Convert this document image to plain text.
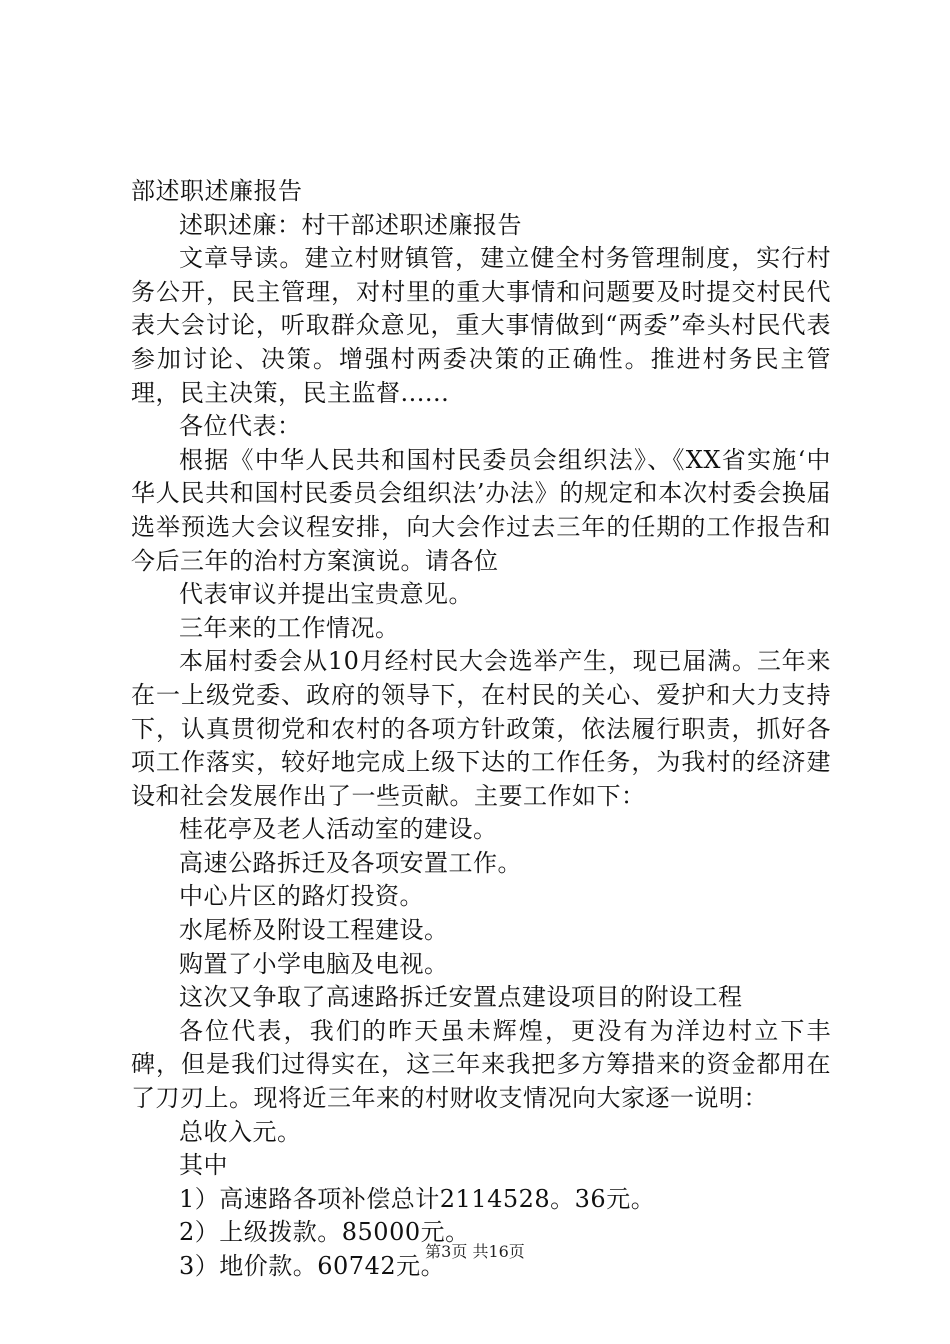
部述职述廉报告

述职述廉：村干部述职述廉报告

文章导读。建立村财镇管，建立健全村务管理制度，实行村务公开，民主管理，对村里的重大事情和问题要及时提交村民代表大会讨论，听取群众意见，重大事情做到“两委”牵头村民代表参加讨论、决策。增强村两委决策的正确性。推进村务民主管理，民主决策，民主监督......

各位代表：

根据《中华人民共和国村民委员会组织法》、《XX省实施‘中华人民共和国村民委员会组织法’办法》的规定和本次村委会换届选举预选大会议程安排，向大会作过去三年的任期的工作报告和今后三年的治村方案演说。请各位

代表审议并提出宝贵意见。

三年来的工作情况。

本届村委会从10月经村民大会选举产生，现已届满。三年来在一上级党委、政府的领导下，在村民的关心、爱护和大力支持下，认真贯彻党和农村的各项方针政策，依法履行职责，抓好各项工作落实，较好地完成上级下达的工作任务，为我村的经济建设和社会发展作出了一些贡献。主要工作如下：

桂花亭及老人活动室的建设。

高速公路拆迁及各项安置工作。

中心片区的路灯投资。

水尾桥及附设工程建设。

购置了小学电脑及电视。

这次又争取了高速路拆迁安置点建设项目的附设工程

各位代表，我们的昨天虽未辉煌，更没有为洋边村立下丰碑，但是我们过得实在，这三年来我把多方筹措来的资金都用在了刀刃上。现将近三年来的村财收支情况向大家逐一说明：

总收入元。

其中

1）高速路各项补偿总计2114528。36元。

2）上级拨款。85000元。

3）地价款。60742元。

第3页 共16页
